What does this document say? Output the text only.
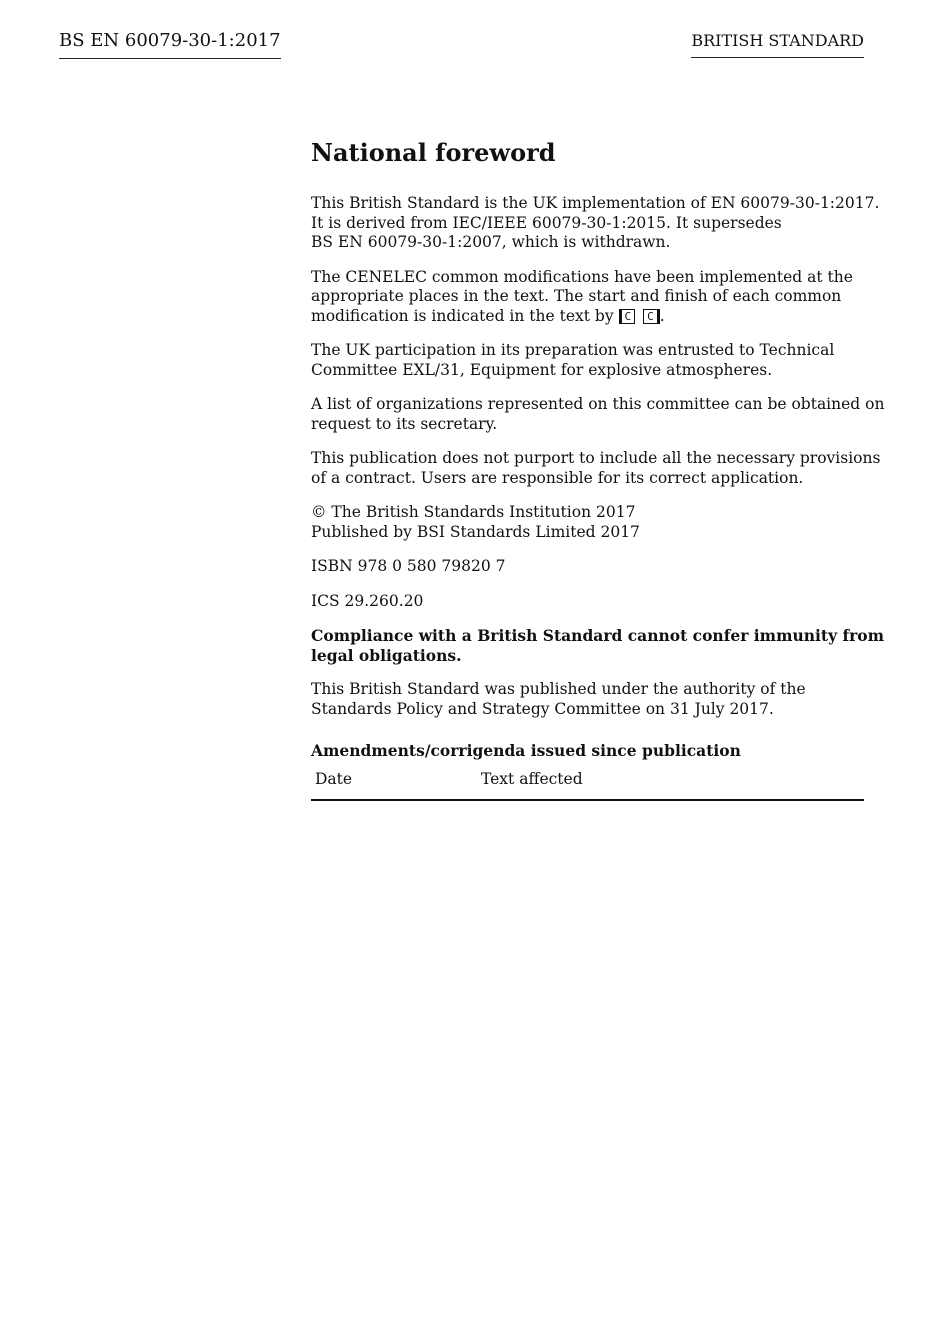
BS EN 60079-30-1:2017	BRITISH STANDARD
National foreword

This British Standard is the UK implementation of EN 60079-30-1:2017.
It is derived from IEC/IEEE 60079-30-1:2015. It supersedes
BS EN 60079-30-1:2007, which is withdrawn.

The CENELEC common modifications have been implemented at the
appropriate places in the text. The start and finish of each common
modification is indicated in the text by C C .

The UK participation in its preparation was entrusted to Technical
Committee EXL/31, Equipment for explosive atmospheres.

A list of organizations represented on this committee can be obtained on
request to its secretary.

This publication does not purport to include all the necessary provisions
of a contract. Users are responsible for its correct application.

© The British Standards Institution 2017
Published by BSI Standards Limited 2017

ISBN 978 0 580 79820 7

ICS 29.260.20

Compliance with a British Standard cannot confer immunity from
legal obligations.

This British Standard was published under the authority of the
Standards Policy and Strategy Committee on 31 July 2017.

Amendments/corrigenda issued since publication
Date	Text affected
